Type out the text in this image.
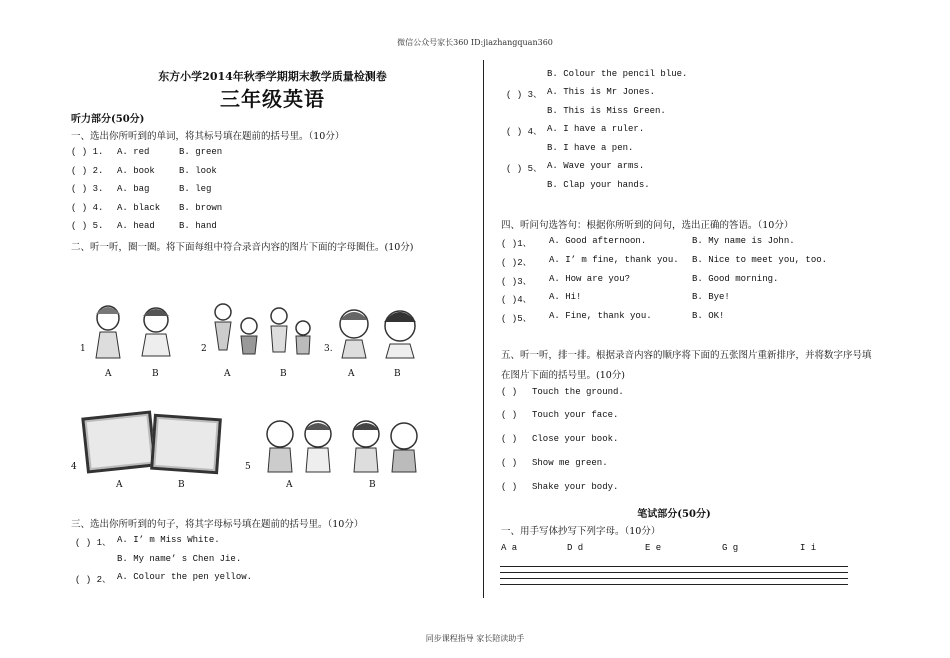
微信公众号家长360 ID:jiazhangquan360
同步课程指导 家长陪读助手
东方小学2014年秋季学期期末教学质量检测卷
三年级英语
听力部分(50分)
一、选出你所听到的单词，将其标号填在题前的括号里。（10分）
( ) 1. A. red	B. green
( ) 2. A. book	B. look
( ) 3. A. bag	B. leg
( ) 4. A. black B. brown
( ) 5. A. head	B. hand
二、听一听，圈一圈。将下面每组中符合录音内容的图片下面的字母圈住。(10分)
1
A	B
2
A	B
3.
A	B
4
A	B
5
A	B
三、选出你所听到的句子，将其字母标号填在题前的括号里。（10分）
( ) 1、 A. I’ m Miss White.
B. My name’ s Chen Jie.
( ) 2、 A. Colour the pen yellow.
B. Colour the pencil blue.
( ) 3、 A. This is Mr Jones.
B. This is Miss Green.
( ) 4、 A. I have a ruler.
B. I have a pen.
( ) 5、 A. Wave your arms.
B. Clap your hands.
四、听问句选答句：根据你所听到的问句，选出正确的答语。（10分）
( )1、 A. Good afternoon.	B. My name is John.
( )2、 A. I’ m fine, thank you. B. Nice to meet you, too.
( )3、 A. How are you?	B. Good morning.
( )4、 A. Hi!	B. Bye!
( )5、 A. Fine, thank you.	B. OK!
五、听一听，排一排。根据录音内容的顺序将下面的五张图片重新排序，并将数字序号填
在图片下面的括号里。(10分)
( ) Touch the ground.
( ) Touch your face.
( ) Close your book.
( ) Show me green.
( ) Shake your body.
笔试部分(50分)
一、用手写体抄写下列字母。（10分）
A a	D d	E e	G g	I i
